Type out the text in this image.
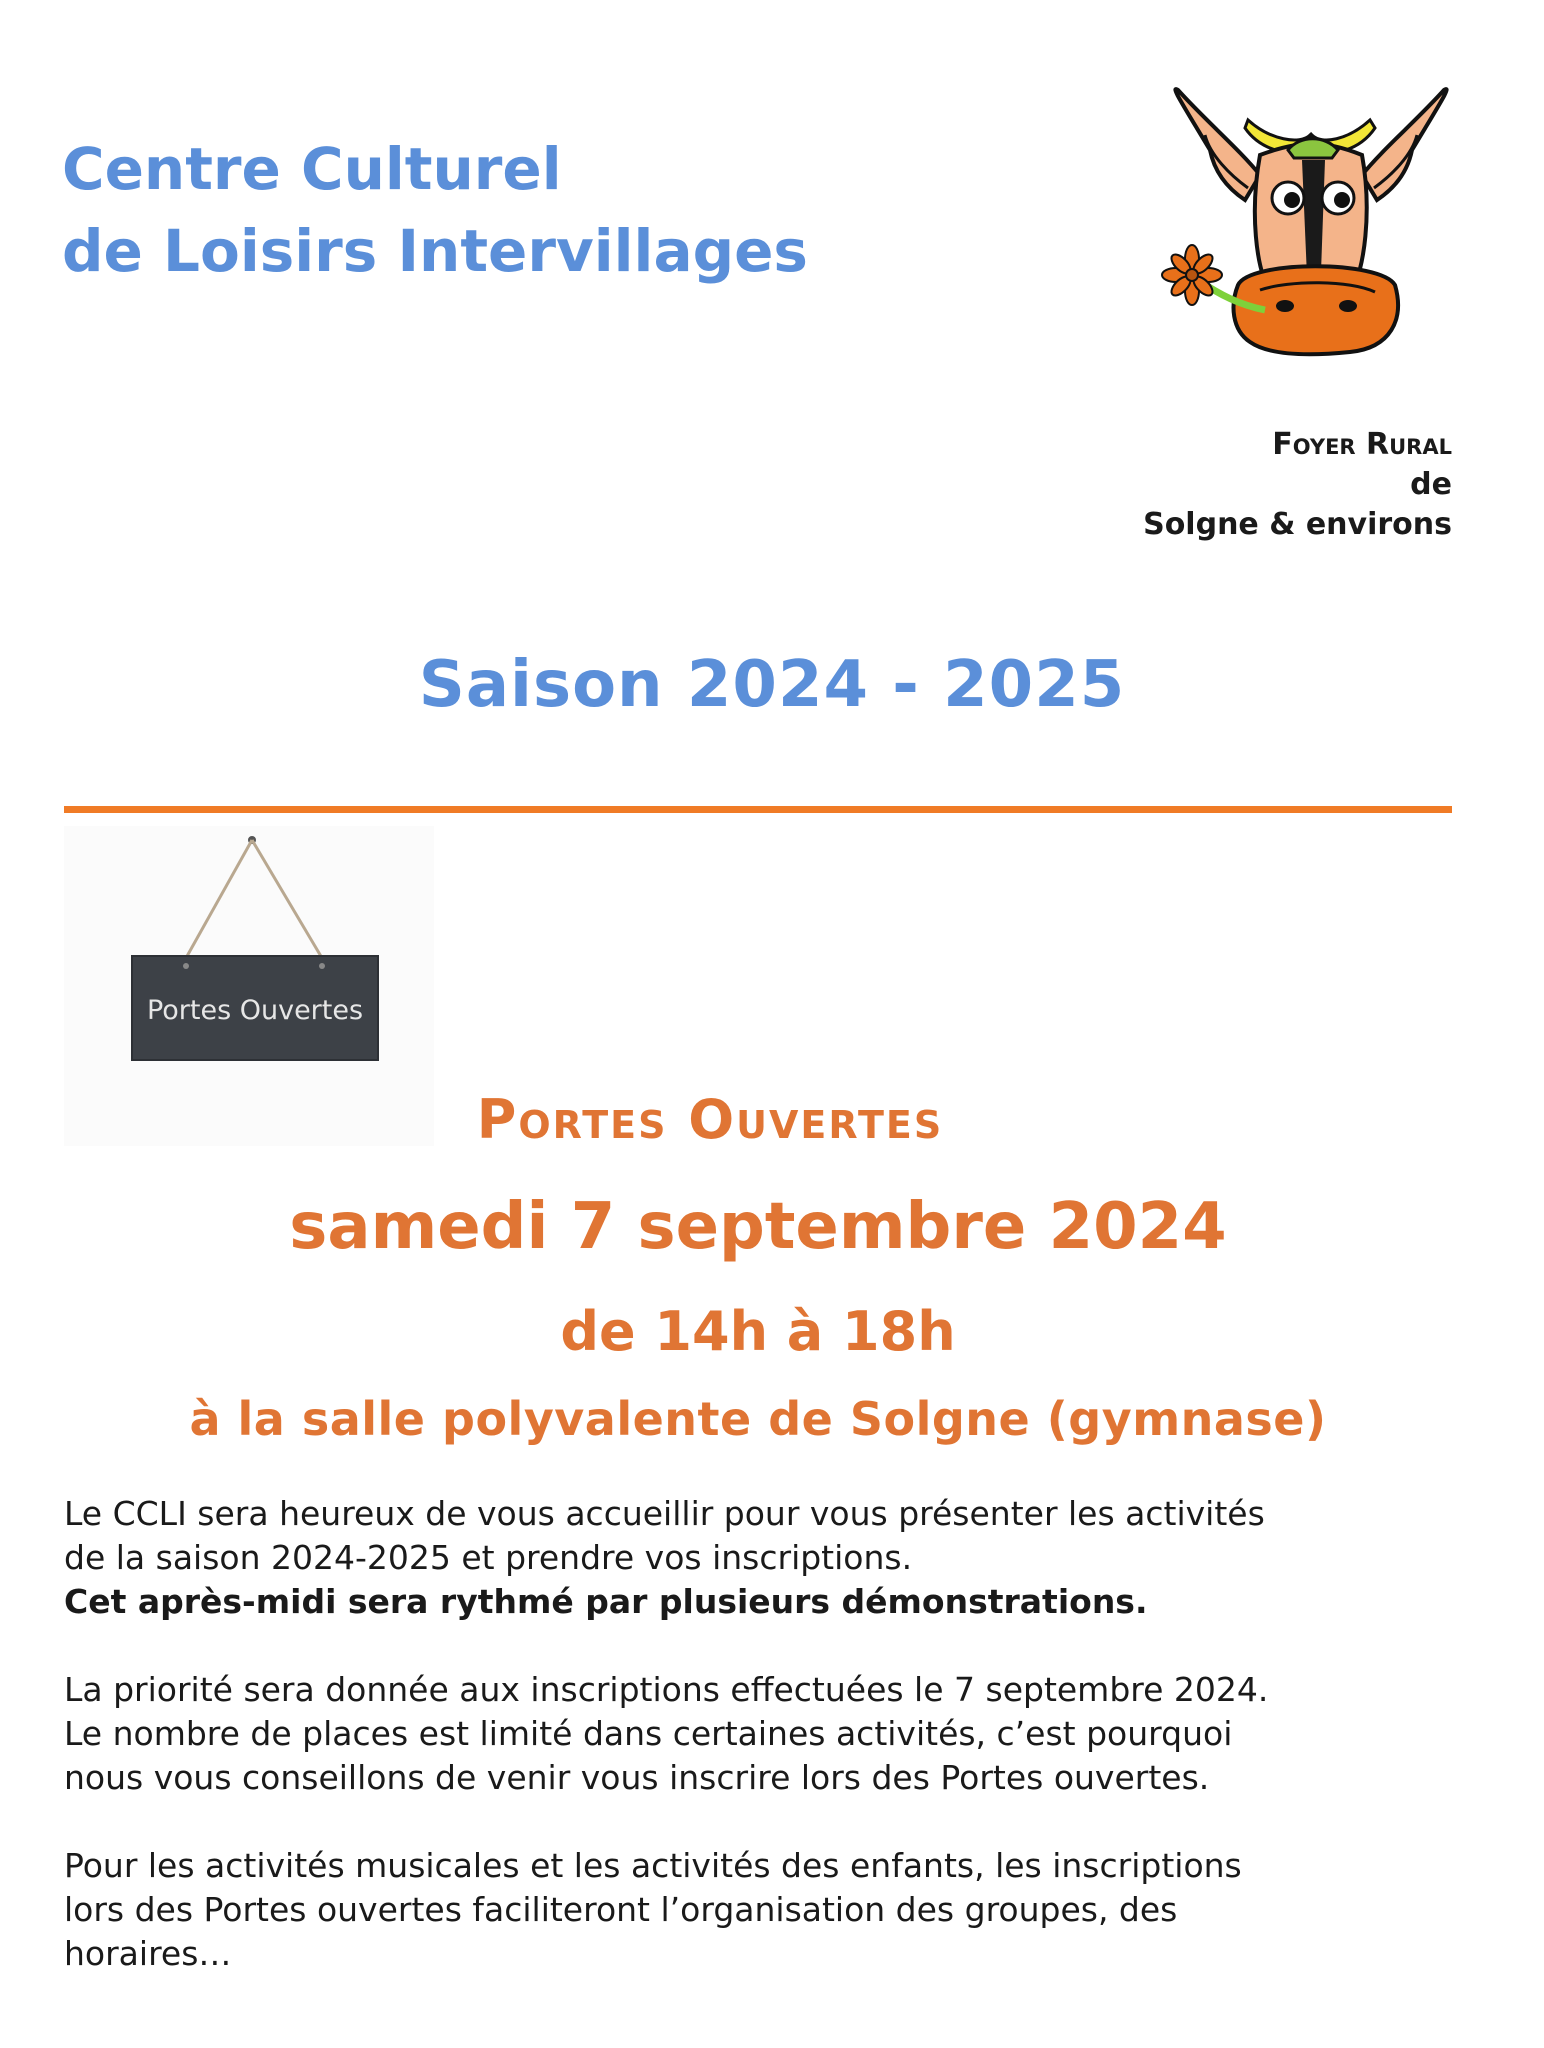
Centre Culturel
de Loisirs Intervillages
Foyer Rural
de
Solgne & environs
Saison 2024 - 2025
Portes Ouvertes
Portes Ouvertes
samedi 7 septembre 2024
de 14h à 18h
à la salle polyvalente de Solgne (gymnase)

Le CCLI sera heureux de vous accueillir pour vous présenter les activités
de la saison 2024-2025 et prendre vos inscriptions.
Cet après-midi sera rythmé par plusieurs démonstrations.

La priorité sera donnée aux inscriptions effectuées le 7 septembre 2024.
Le nombre de places est limité dans certaines activités, c’est pourquoi
nous vous conseillons de venir vous inscrire lors des Portes ouvertes.

Pour les activités musicales et les activités des enfants, les inscriptions
lors des Portes ouvertes faciliteront l’organisation des groupes, des
horaires…
